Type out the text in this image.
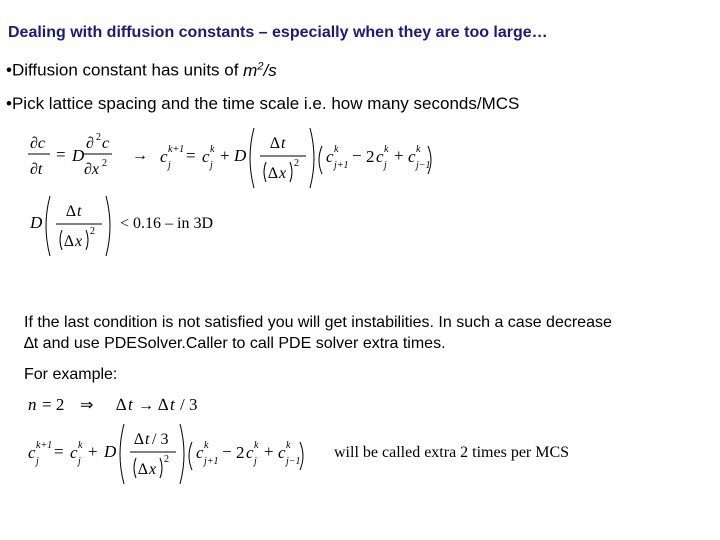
Dealing with diffusion constants – especially when they are too large…
•Diffusion constant has units of $m^2/s$
•Pick lattice spacing and the time scale i.e. how many seconds/MCS
∂c
∂t
= D
∂ 2 c
∂x 2 → c k+1
j
= c k
j
+ D
∆ t
∆ x
2 c k
j+1
− 2 c k
j
+ c k
j−1
D
∆ t
∆ x
2 < 0.16 – in 3D
If the last condition is not satisfied you will get instabilities. In such a case decrease
∆t and use PDESolver.Caller to call PDE solver extra times.
For example:
n = 2 ⇒ ∆ t → ∆ t / 3
c k+1
j
= c k
j
+ D
∆ t / 3
∆ x
2 c k
j+1
− 2 c k
j
+ c k
j−1
will be called extra 2 times per MCS
